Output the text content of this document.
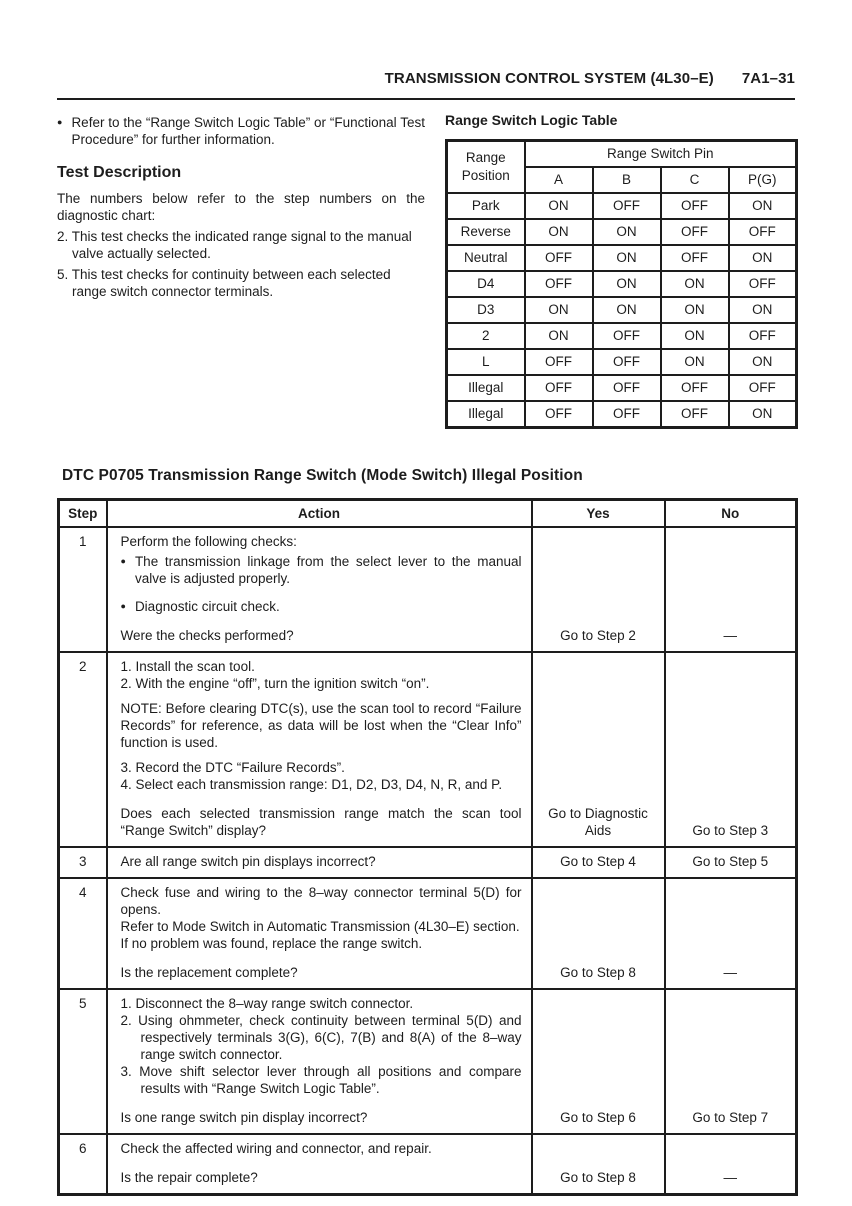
TRANSMISSION CONTROL SYSTEM (4L30–E) 7A1–31
● Refer to the “Range Switch Logic Table” or “Functional Test Procedure” for further information.
Test Description

The numbers below refer to the step numbers on the diagnostic chart:

2. This test checks the indicated range signal to the manual valve actually selected.

5. This test checks for continuity between each selected range switch connector terminals.

Range Switch Logic Table
Range Position	Range Switch Pin			
	A	B	C	P(G)
Park	ON	OFF	OFF	ON
Reverse	ON	ON	OFF	OFF
Neutral	OFF	ON	OFF	ON
D4	OFF	ON	ON	OFF
D3	ON	ON	ON	ON
2	ON	OFF	ON	OFF
L	OFF	OFF	ON	ON
Illegal	OFF	OFF	OFF	OFF
Illegal	OFF	OFF	OFF	ON
DTC P0705 Transmission Range Switch (Mode Switch) Illegal Position
Step	Action	Yes	No
1	Perform the following checks:
● The transmission linkage from the select lever to the manual valve is adjusted properly.
● Diagnostic circuit check.
Were the checks performed?	Go to Step 2	—
2	1. Install the scan tool.
2. With the engine “off”, turn the ignition switch “on”.
NOTE: Before clearing DTC(s), use the scan tool to record “Failure Records” for reference, as data will be lost when the “Clear Info” function is used.
3. Record the DTC “Failure Records”.
4. Select each transmission range: D1, D2, D3, D4, N, R, and P.
Does each selected transmission range match the scan tool “Range Switch” display?
	Go to Diagnostic Aids	Go to Step 3
3	Are all range switch pin displays incorrect?	Go to Step 4	Go to Step 5
4	Check fuse and wiring to the 8–way connector terminal 5(D) for opens.
Refer to Mode Switch in Automatic Transmission (4L30–E) section.
If no problem was found, replace the range switch.
Is the replacement complete?	Go to Step 8	—
5	1. Disconnect the 8–way range switch connector.
2. Using ohmmeter, check continuity between terminal 5(D) and respectively terminals 3(G), 6(C), 7(B) and 8(A) of the 8–way range switch connector.
3. Move shift selector lever through all positions and compare results with “Range Switch Logic Table”.
Is one range switch pin display incorrect?	Go to Step 6	Go to Step 7
6	Check the affected wiring and connector, and repair.
Is the repair complete?	Go to Step 8	—
